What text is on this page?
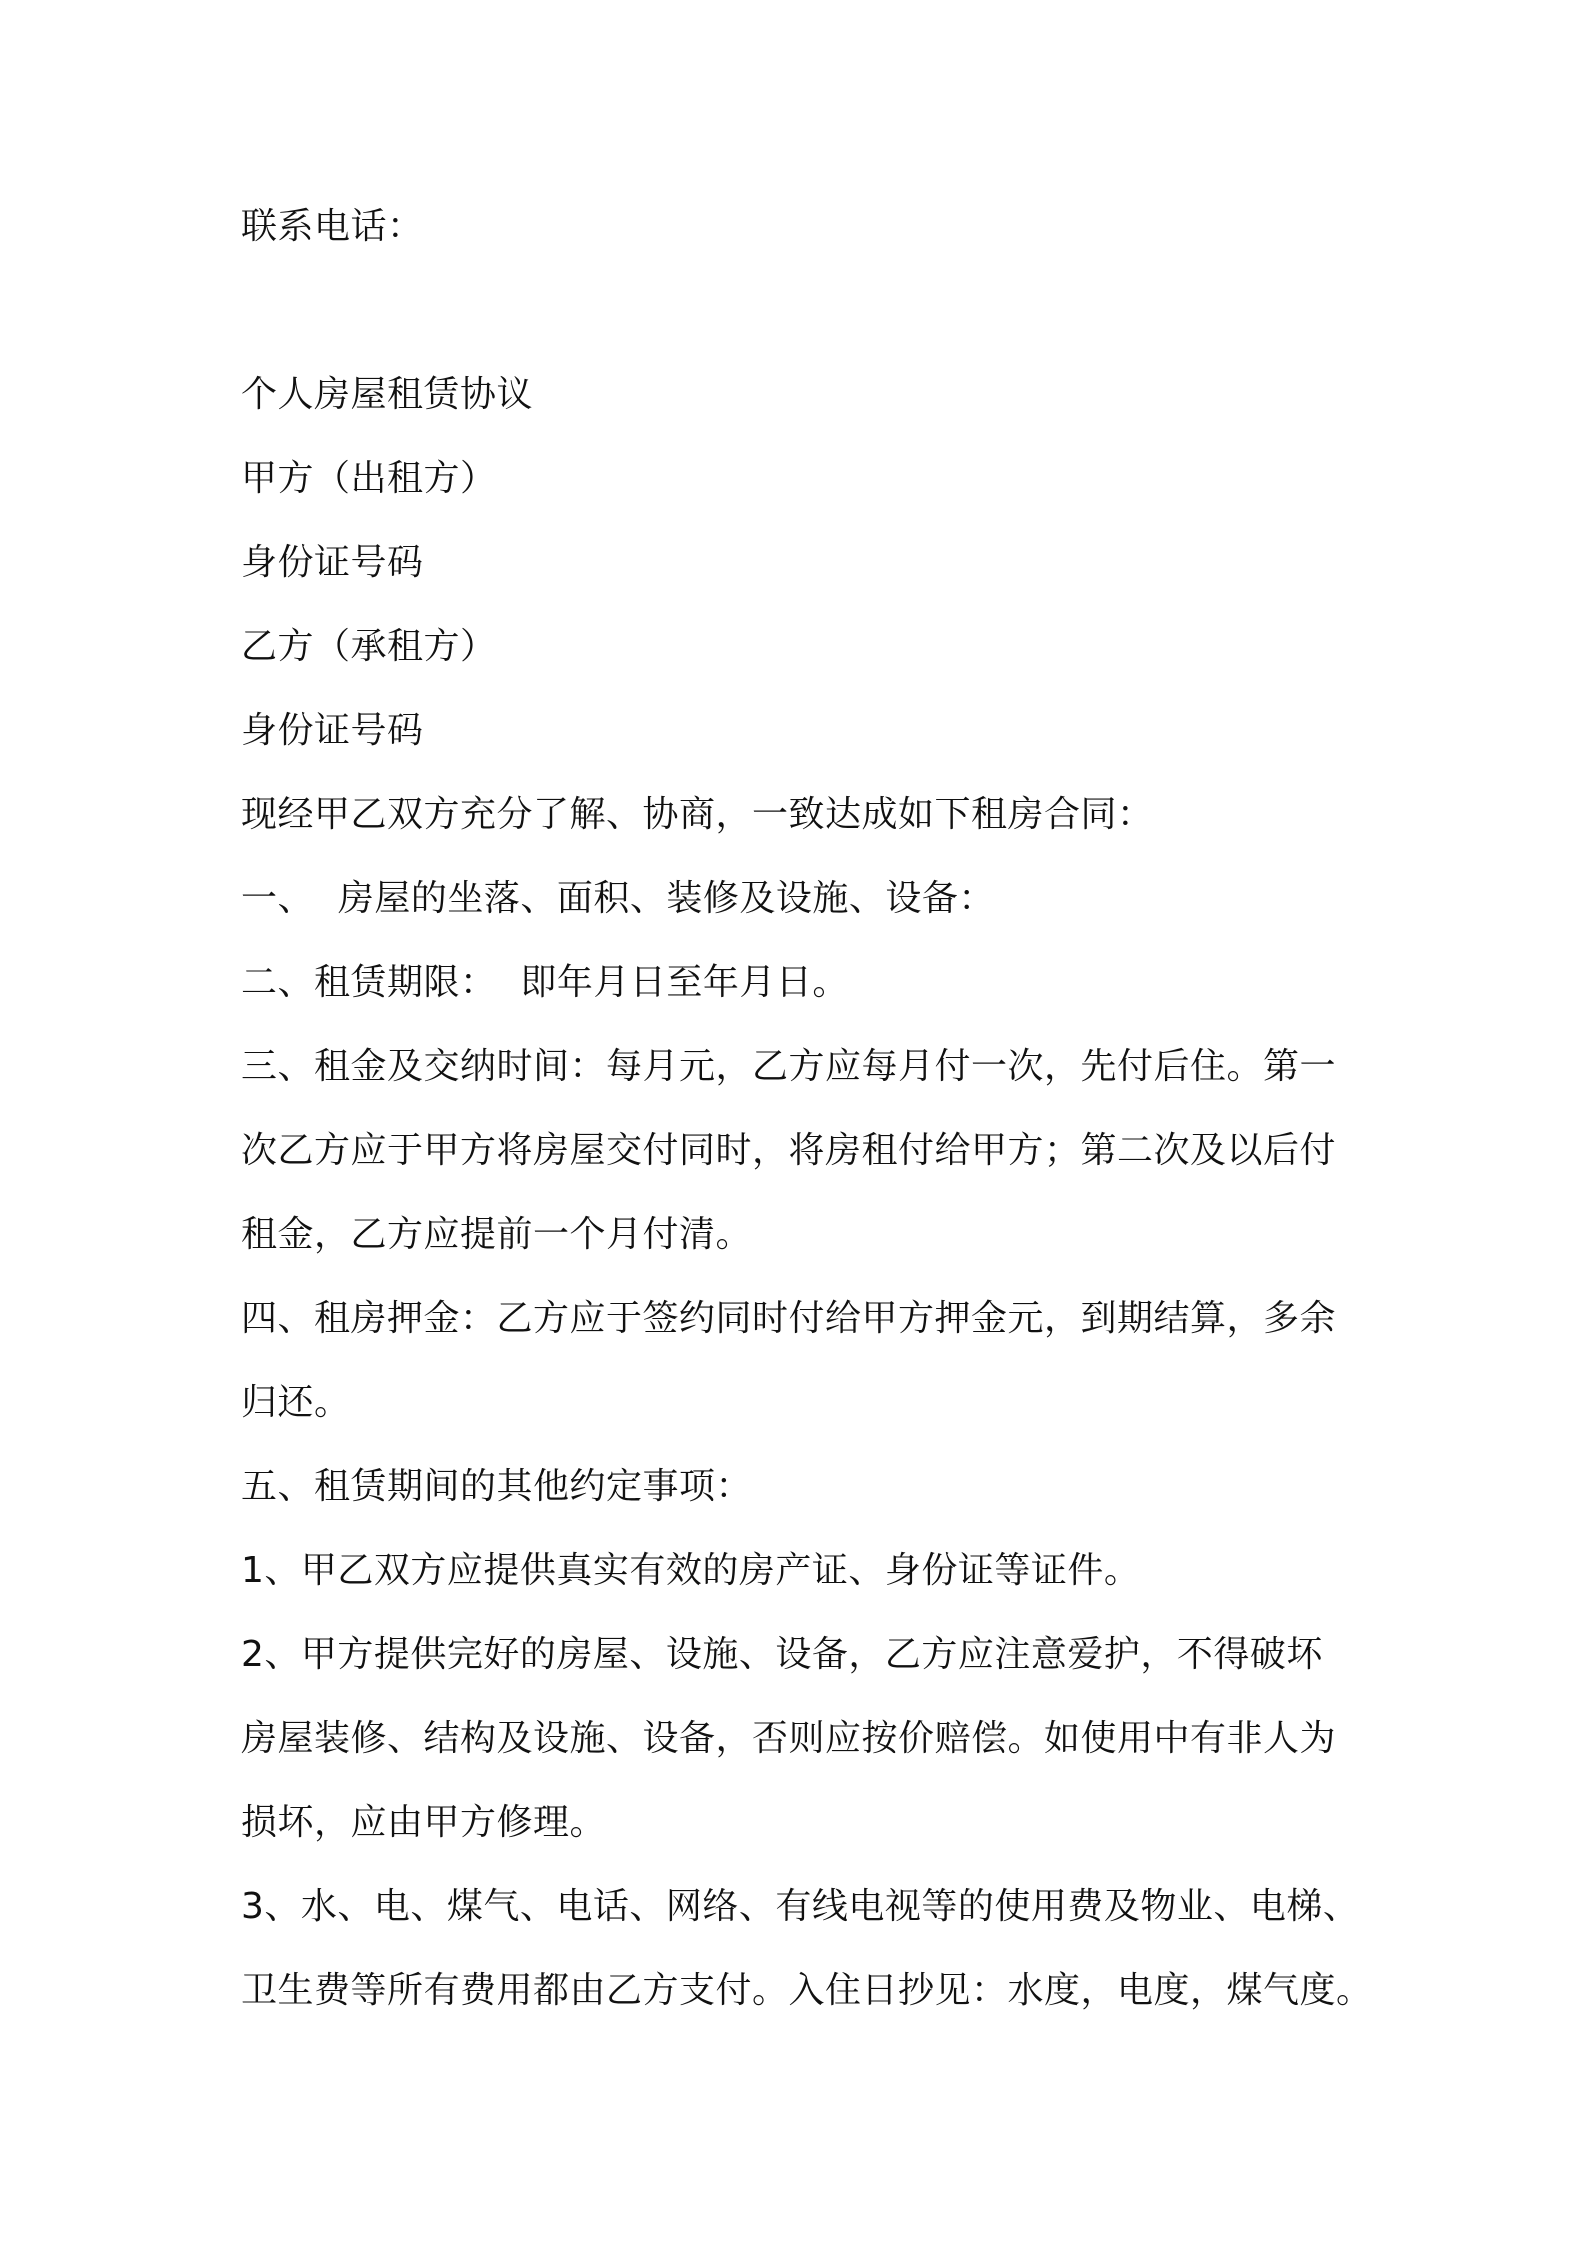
联系电话：
个人房屋租赁协议
甲方（出租方）
身份证号码
乙方（承租方）
身份证号码
现经甲乙双方充分了解、协商，一致达成如下租房合同：
一、  房屋的坐落、面积、装修及设施、设备：
二、租赁期限：  即年月日至年月日。
三、租金及交纳时间：每月元，乙方应每月付一次，先付后住。第一
次乙方应于甲方将房屋交付同时，将房租付给甲方；第二次及以后付
租金，乙方应提前一个月付清。
四、租房押金：乙方应于签约同时付给甲方押金元，到期结算，多余
归还。
五、租赁期间的其他约定事项：
1、甲乙双方应提供真实有效的房产证、身份证等证件。
2、甲方提供完好的房屋、设施、设备，乙方应注意爱护，不得破坏
房屋装修、结构及设施、设备，否则应按价赔偿。如使用中有非人为
损坏，应由甲方修理。
3、水、电、煤气、电话、网络、有线电视等的使用费及物业、电梯、
卫生费等所有费用都由乙方支付。入住日抄见：水度，电度，煤气度。
